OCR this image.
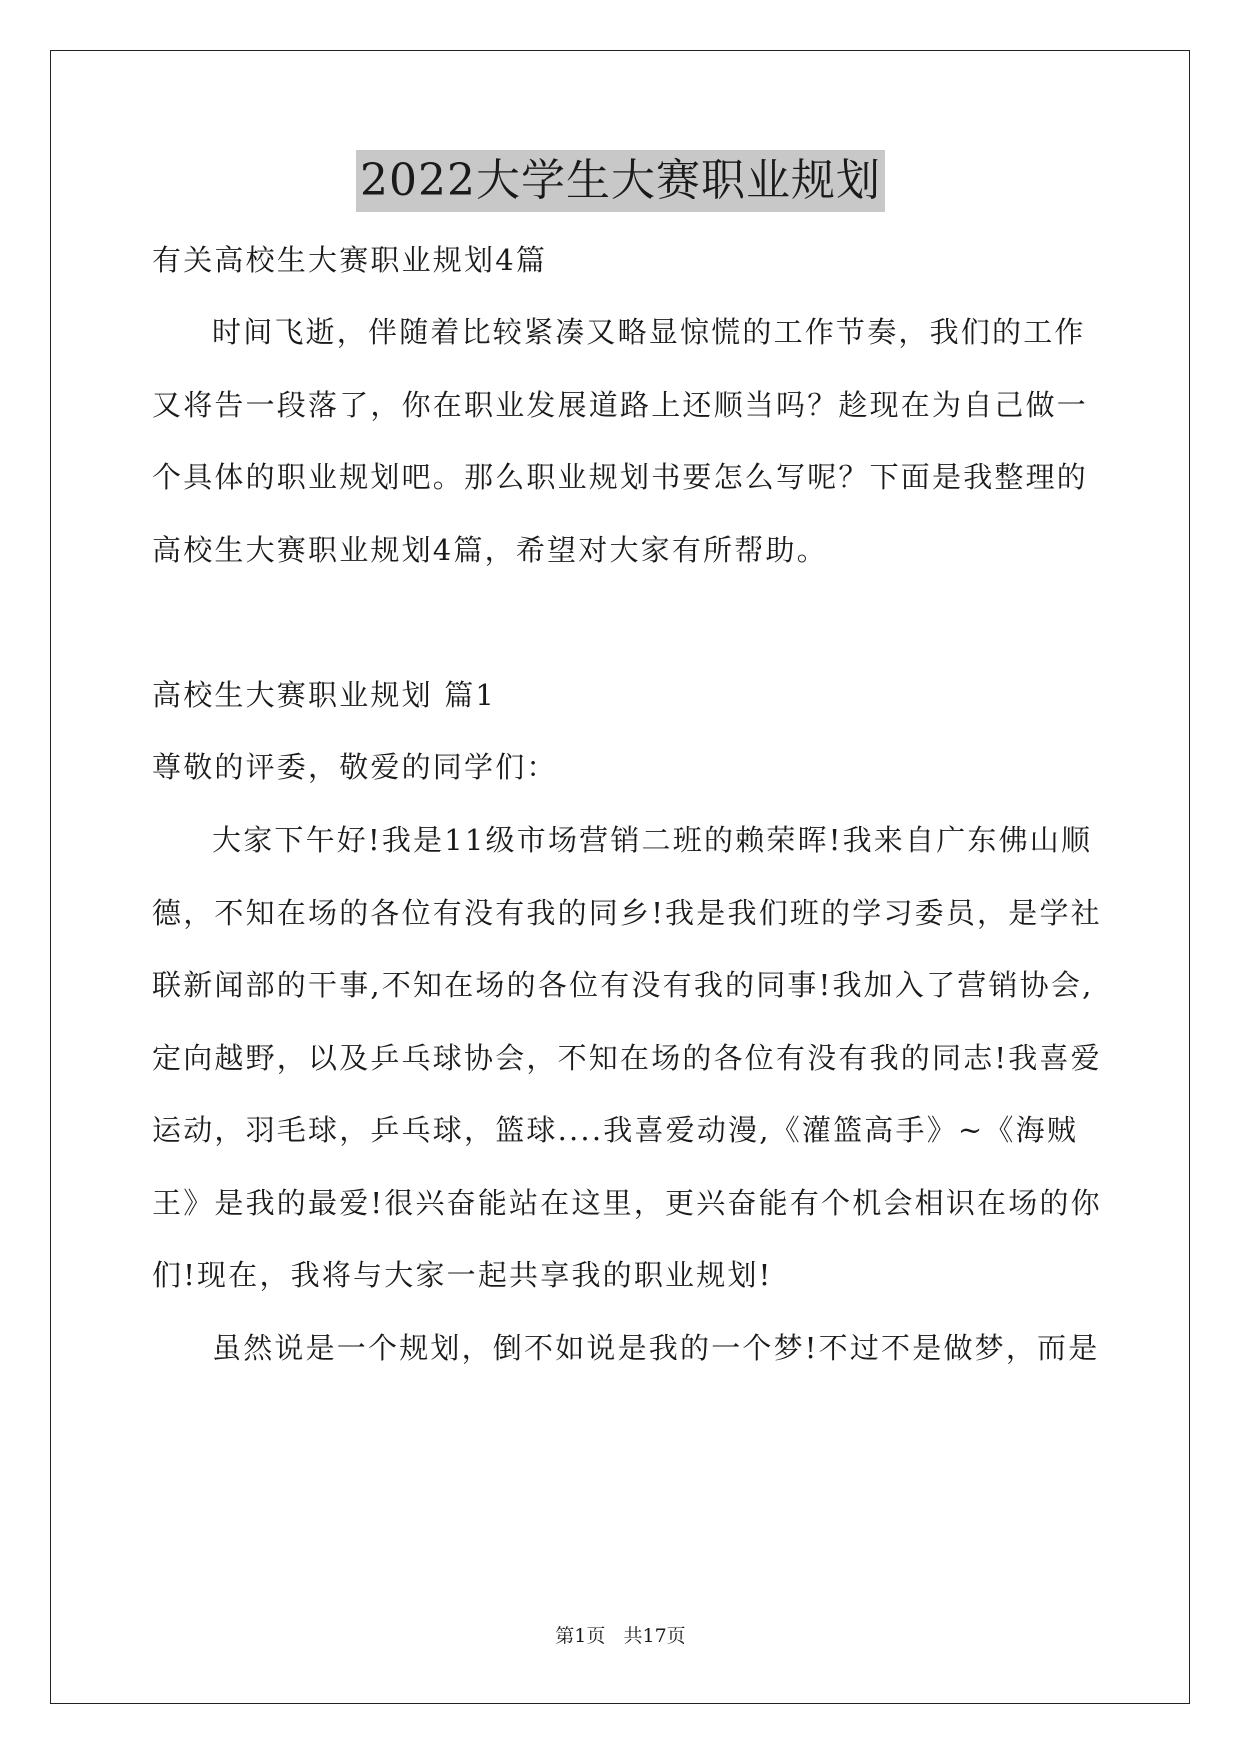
2022大学生大赛职业规划
有关高校生大赛职业规划4篇
时间飞逝，伴随着比较紧凑又略显惊慌的工作节奏，我们的工作
又将告一段落了，你在职业发展道路上还顺当吗？趁现在为自己做一
个具体的职业规划吧。那么职业规划书要怎么写呢？下面是我整理的
高校生大赛职业规划4篇，希望对大家有所帮助。
高校生大赛职业规划 篇1
尊敬的评委，敬爱的同学们：
大家下午好!我是11级市场营销二班的赖荣晖!我来自广东佛山顺
德，不知在场的各位有没有我的同乡!我是我们班的学习委员，是学社
联新闻部的干事,不知在场的各位有没有我的同事!我加入了营销协会,
定向越野，以及乒乓球协会，不知在场的各位有没有我的同志!我喜爱
运动，羽毛球，乒乓球，篮球....我喜爱动漫,《灌篮高手》~《海贼
王》是我的最爱!很兴奋能站在这里，更兴奋能有个机会相识在场的你
们!现在，我将与大家一起共享我的职业规划!
虽然说是一个规划，倒不如说是我的一个梦!不过不是做梦，而是
第1页   共17页
